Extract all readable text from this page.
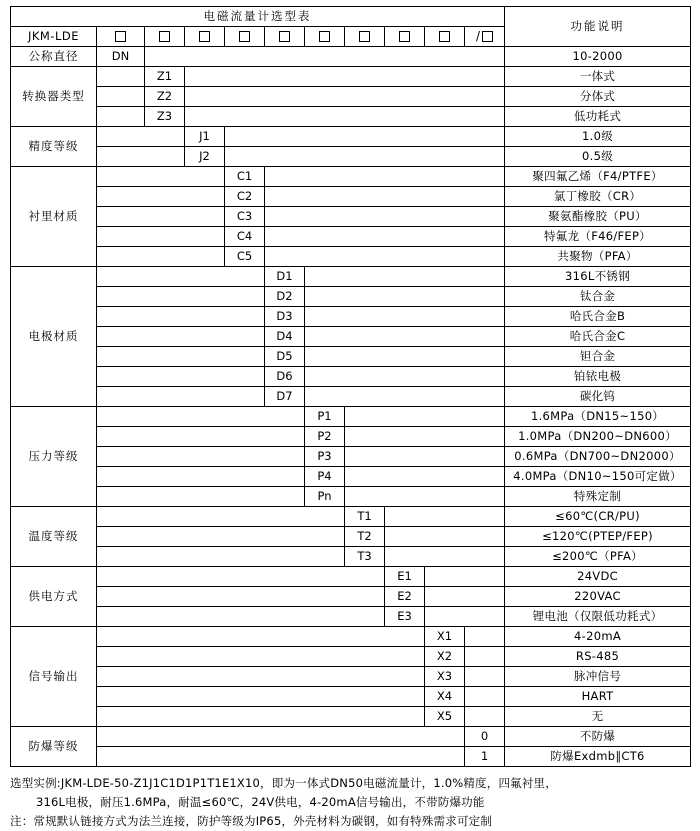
电磁流量计选型表											功能说明
JKM-LDE										/	

公称直径	DN										10-2000
转换器类型		Z1									一体式
		Z2									分体式
		Z3									低功耗式
精度等级			J1								1.0级
			J2								0.5级
衬里材质				C1							聚四氟乙烯（F4/PTFE）
				C2							氯丁橡胶（CR）
				C3							聚氨酯橡胶（PU）
				C4							特氟龙（F46/FEP）
				C5							共聚物（PFA）
电极材质					D1						316L不锈钢
					D2						钛合金
					D3						哈氏合金B
					D4						哈氏合金C
					D5						钽合金
					D6						铂铱电极
					D7						碳化钨
压力等级						P1					1.6MPa（DN15~150）
						P2					1.0MPa（DN200~DN600）
						P3					0.6MPa（DN700~DN2000）
						P4					4.0MPa（DN10~150可定做）
						Pn					特殊定制
温度等级							T1				≤60℃(CR/PU)
							T2				≤120℃(PTEP/FEP)
							T3				≤200℃（PFA）
供电方式								E1			24VDC
								E2			220VAC
								E3			锂电池（仅限低功耗式）
信号输出									X1		4-20mA
									X2		RS-485
									X3		脉冲信号
									X4		HART
									X5		无
防爆等级										0	不防爆
										1	防爆Exdmb∥CT6
选型实例:JKM-LDE-50-Z1J1C1D1P1T1E1X10，即为一体式DN50电磁流量计，1.0%精度，四氟衬里，
316L电极，耐压1.6MPa，耐温≤60℃，24V供电，4-20mA信号输出，不带防爆功能
注：常规默认链接方式为法兰连接，防护等级为IP65，外壳材料为碳钢，如有特殊需求可定制
